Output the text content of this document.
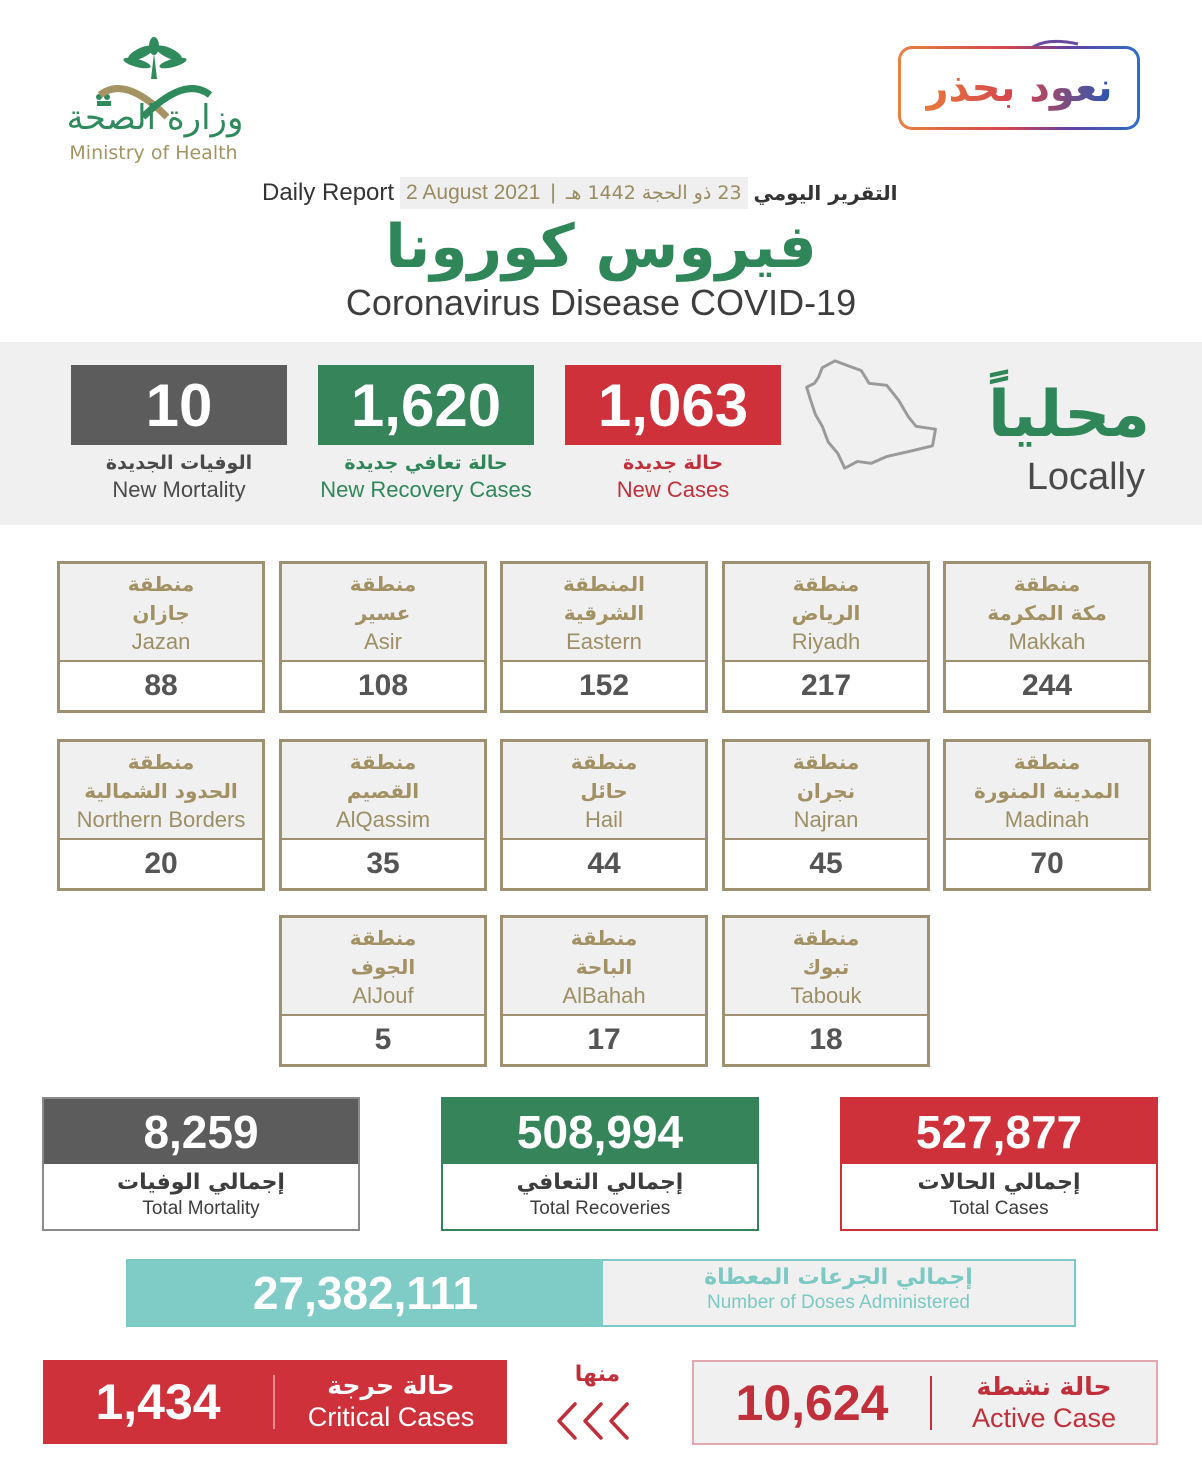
وزارة الصحة
Ministry of Health
نعود بحذر
Daily Report 2 August 2021 | 23 ذو الحجة 1442 هـ التقرير اليومي
فيروس كورونا
Coronavirus Disease COVID-19
10
الوفيات الجديدة
New Mortality
1,620
حالة تعافي جديدة
New Recovery Cases
1,063
حالة جديدة
New Cases
محلياً
Locally
منطقة
مكة المكرمة
Makkah
244
منطقة
الرياض
Riyadh
217
المنطقة
الشرقية
Eastern
152
منطقة
عسير
Asir
108
منطقة
جازان
Jazan
88
منطقة
المدينة المنورة
Madinah
70
منطقة
نجران
Najran
45
منطقة
حائل
Hail
44
منطقة
القصيم
AlQassim
35
منطقة
الحدود الشمالية
Northern Borders
20
منطقة
تبوك
Tabouk
18
منطقة
الباحة
AlBahah
17
منطقة
الجوف
AlJouf
5
8,259
إجمالي الوفيات
Total Mortality
508,994
إجمالي التعافي
Total Recoveries
527,877
إجمالي الحالات
Total Cases
27,382,111	إجمالي الجرعات المعطاة
Number of Doses Administered
1,434	حالة حرجة
Critical Cases
منها	10,624	حالة نشطة
Active Case
